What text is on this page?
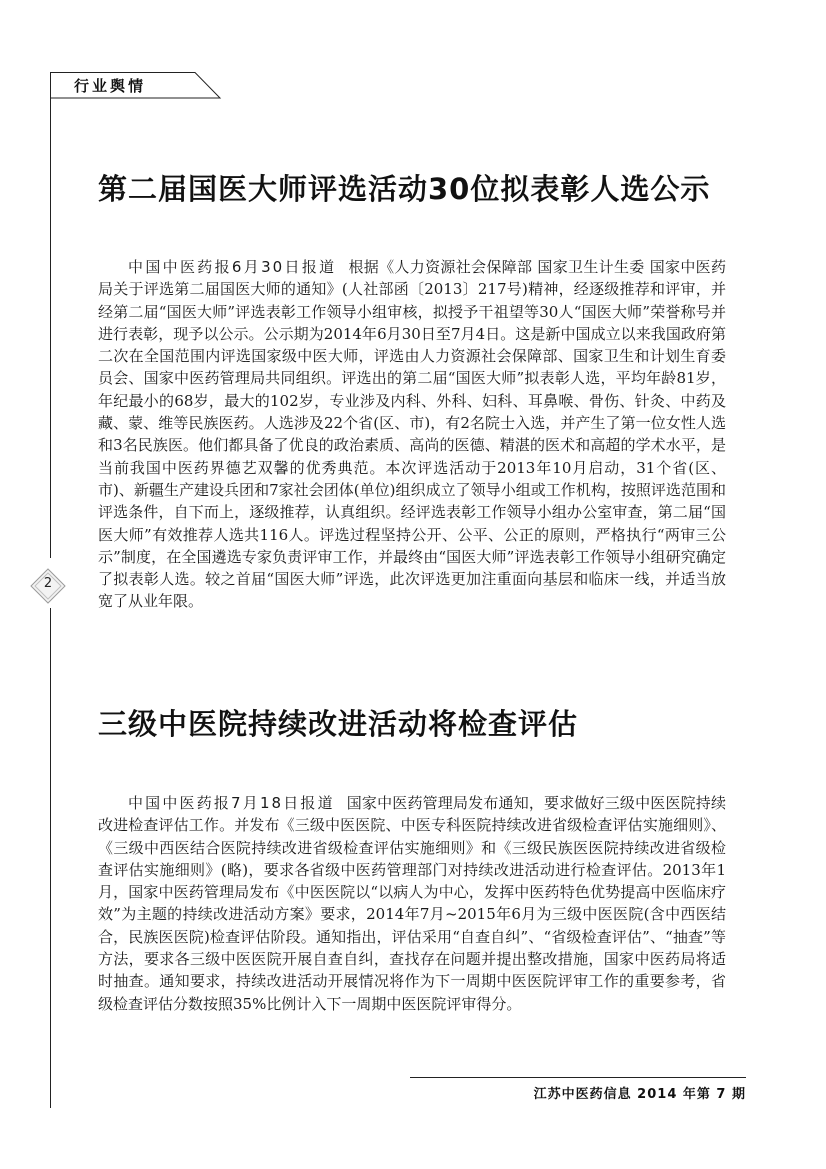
行业舆情
2
第二届国医大师评选活动30位拟表彰人选公示

中国中医药报6月30日报道 根据《人力资源社会保障部 国家卫生计生委 国家中医药局关于评选第二届国医大师的通知》(人社部函〔2013〕217号)精神，经逐级推荐和评审，并经第二届“国医大师”评选表彰工作领导小组审核，拟授予干祖望等30人“国医大师”荣誉称号并进行表彰，现予以公示。公示期为2014年6月30日至7月4日。这是新中国成立以来我国政府第二次在全国范围内评选国家级中医大师，评选由人力资源社会保障部、国家卫生和计划生育委员会、国家中医药管理局共同组织。评选出的第二届“国医大师”拟表彰人选，平均年龄81岁，年纪最小的68岁，最大的102岁，专业涉及内科、外科、妇科、耳鼻喉、骨伤、针灸、中药及藏、蒙、维等民族医药。人选涉及22个省(区、市)，有2名院士入选，并产生了第一位女性人选和3名民族医。他们都具备了优良的政治素质、高尚的医德、精湛的医术和高超的学术水平，是当前我国中医药界德艺双馨的优秀典范。本次评选活动于2013年10月启动，31个省(区、市)、新疆生产建设兵团和7家社会团体(单位)组织成立了领导小组或工作机构，按照评选范围和评选条件，自下而上，逐级推荐，认真组织。经评选表彰工作领导小组办公室审查，第二届“国医大师”有效推荐人选共116人。评选过程坚持公开、公平、公正的原则，严格执行“两审三公示”制度，在全国遴选专家负责评审工作，并最终由“国医大师”评选表彰工作领导小组研究确定了拟表彰人选。较之首届“国医大师”评选，此次评选更加注重面向基层和临床一线，并适当放宽了从业年限。

三级中医院持续改进活动将检查评估

中国中医药报7月18日报道 国家中医药管理局发布通知，要求做好三级中医医院持续改进检查评估工作。并发布《三级中医医院、中医专科医院持续改进省级检查评估实施细则》、《三级中西医结合医院持续改进省级检查评估实施细则》和《三级民族医医院持续改进省级检查评估实施细则》(略)，要求各省级中医药管理部门对持续改进活动进行检查评估。2013年1月，国家中医药管理局发布《中医医院以“以病人为中心，发挥中医药特色优势提高中医临床疗效”为主题的持续改进活动方案》要求，2014年7月~2015年6月为三级中医医院(含中西医结合，民族医医院)检查评估阶段。通知指出，评估采用“自查自纠”、“省级检查评估”、“抽查”等方法，要求各三级中医医院开展自查自纠，查找存在问题并提出整改措施，国家中医药局将适时抽查。通知要求，持续改进活动开展情况将作为下一周期中医医院评审工作的重要参考，省级检查评估分数按照35%比例计入下一周期中医医院评审得分。

江苏中医药信息 2014 年第 7 期
